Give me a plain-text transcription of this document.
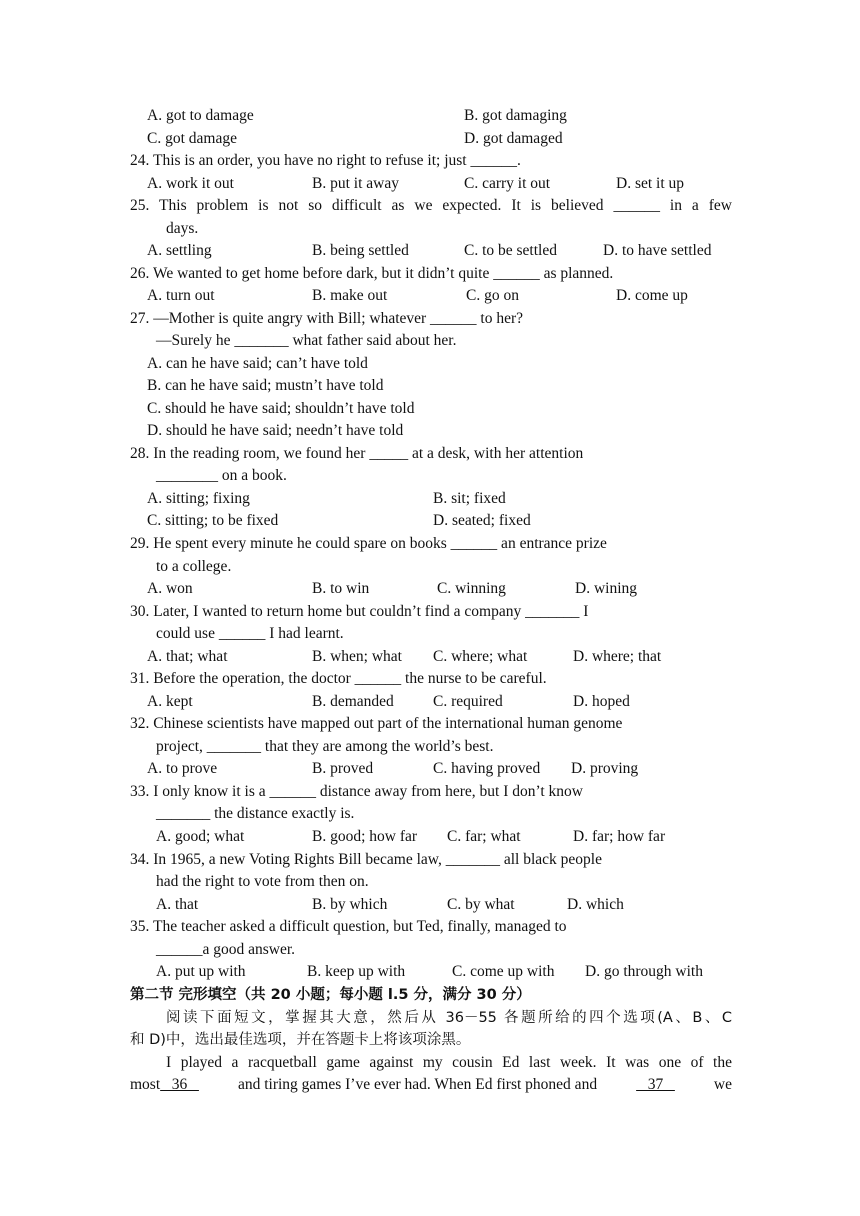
A. got to damage	B. got damaging
C. got damage	D. got damaged
24. This is an order, you have no right to refuse it; just ______.
A. work it out	B. put it away	C. carry it out	D. set it up
25. This problem is not so difficult as we expected. It is believed ______ in a few
days.
A. settling	B. being settled	C. to be settled	D. to have settled
26. We wanted to get home before dark, but it didn’t quite ______ as planned.
A. turn out	B. make out	C. go on	D. come up
27. —Mother is quite angry with Bill; whatever ______ to her?
—Surely he _______ what father said about her.
A. can he have said; can’t have told
B. can he have said; mustn’t have told
C. should he have said; shouldn’t have told
D. should he have said; needn’t have told
28. In the reading room, we found her _____ at a desk, with her attention
________ on a book.
A. sitting; fixing	B. sit; fixed
C. sitting; to be fixed	D. seated; fixed
29. He spent every minute he could spare on books ______ an entrance prize
to a college.
A. won	B. to win	C. winning	D. wining
30. Later, I wanted to return home but couldn’t find a company _______ I
could use ______ I had learnt.
A. that; what	B. when; what C. where; what	D. where; that
31. Before the operation, the doctor ______ the nurse to be careful.
A. kept	B. demanded	C. required	D. hoped
32. Chinese scientists have mapped out part of the international human genome
project, _______ that they are among the world’s best.
A. to prove	B. proved	C. having proved D. proving
33. I only know it is a ______ distance away from here, but I don’t know
_______ the distance exactly is.
A. good; what	B. good; how far C. far; what	D. far; how far
34. In 1965, a new Voting Rights Bill became law, _______ all black people
had the right to vote from then on.
A. that	B. by which	C. by what	D. which
35. The teacher asked a difficult question, but Ted, finally, managed to
______a good answer.
A. put up with	B. keep up with	C. come up with D. go through with
第二节 完形填空（共 20 小题；每小题 l.5 分，满分 30 分）
阅读下面短文，掌握其大意，然后从 36－55 各题所给的四个选项(A、B、C
和 D)中，选出最佳选项，并在答题卡上将该项涂黑。
I played a racquetball game against my cousin Ed last week. It was one of the
most   36	and tiring games I’ve ever had. When Ed first phoned and	37	we
